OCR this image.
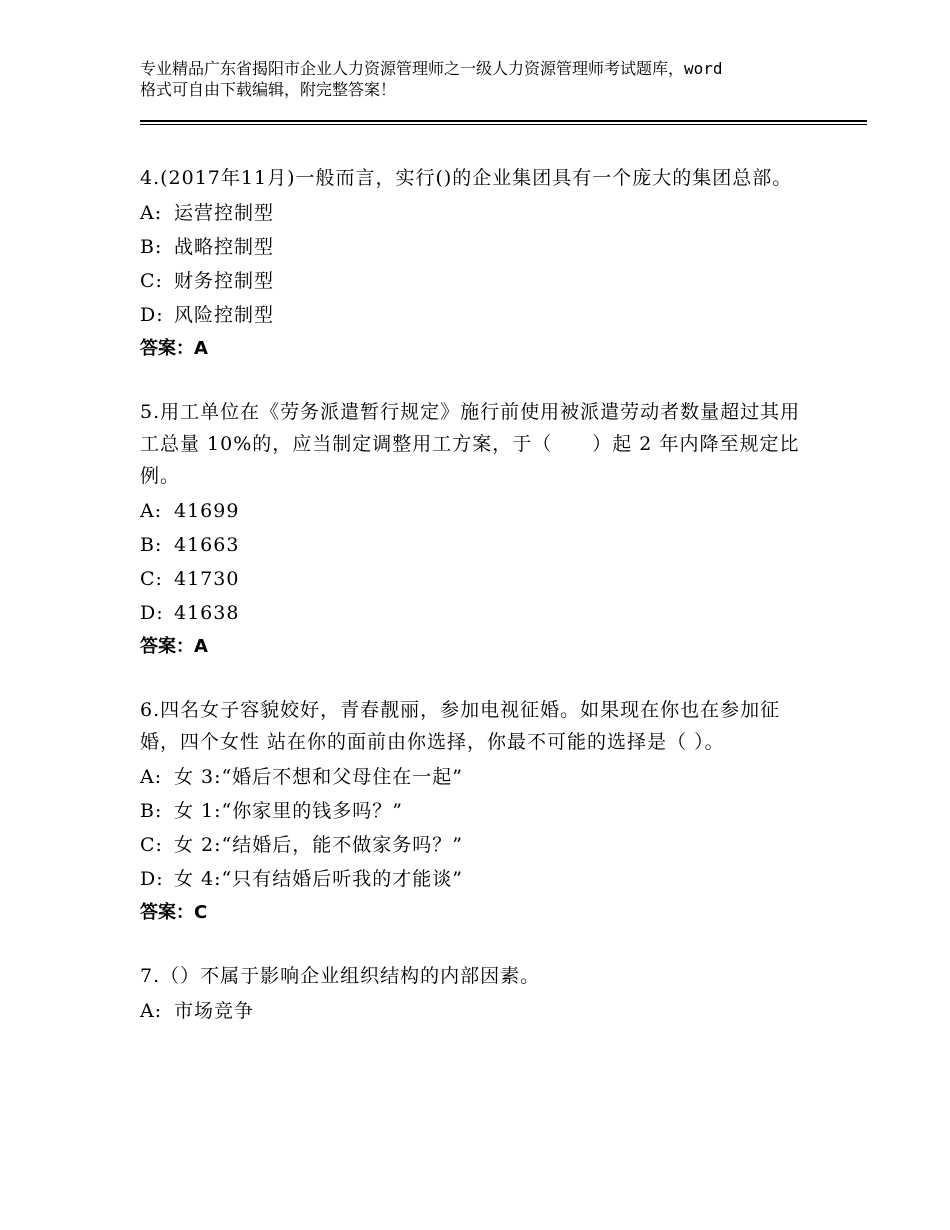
专业精品广东省揭阳市企业人力资源管理师之一级人力资源管理师考试题库，word
格式可自由下载编辑，附完整答案！
4.(2017年11月)一般而言，实行()的企业集团具有一个庞大的集团总部。
A: 运营控制型
B: 战略控制型
C: 财务控制型
D: 风险控制型
答案：A
5.用工单位在《劳务派遣暂行规定》施行前使用被派遣劳动者数量超过其用工总量 10%的，应当制定调整用工方案，于（　　）起 2 年内降至规定比例。
A: 41699
B: 41663
C: 41730
D: 41638
答案：A
6.四名女子容貌姣好，青春靓丽，参加电视征婚。如果现在你也在参加征婚，四个女性 站在你的面前由你选择，你最不可能的选择是（ ）。
A: 女 3:“婚后不想和父母住在一起”
B: 女 1:“你家里的钱多吗？”
C: 女 2:“结婚后，能不做家务吗？”
D: 女 4:“只有结婚后听我的才能谈”
答案：C
7.（）不属于影响企业组织结构的内部因素。
A: 市场竞争
